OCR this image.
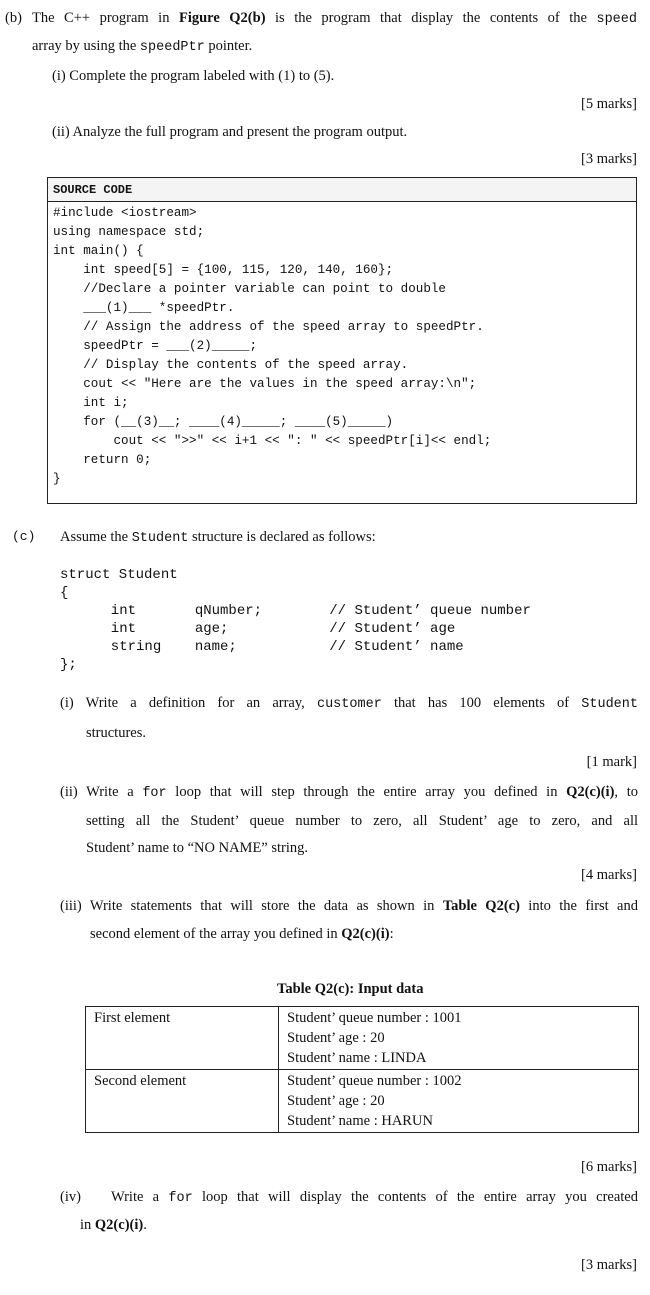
(b) The C++ program in Figure Q2(b) is the program that display the contents of the speed
array by using the speedPtr pointer.
(i) Complete the program labeled with (1) to (5).
[5 marks]
(ii) Analyze the full program and present the program output.
[3 marks]
SOURCE CODE
#include <iostream>
using namespace std;
int main() {
int speed[5] = {100, 115, 120, 140, 160};
//Declare a pointer variable can point to double
___(1)___ *speedPtr.
// Assign the address of the speed array to speedPtr.
speedPtr = ___(2)_____;
// Display the contents of the speed array.
cout << "Here are the values in the speed array:\n";
int i;
for (__(3)__; ____(4)_____; ____(5)_____)
cout << ">>" << i+1 << ": " << speedPtr[i]<< endl;
return 0;
}
(c) Assume the Student structure is declared as follows:
struct Student
{
int       qNumber;        // Student’ queue number
int       age;            // Student’ age
string    name;           // Student’ name
};
(i) Write a definition for an array, customer that has 100 elements of Student
structures.
[1 mark]
(ii) Write a for loop that will step through the entire array you defined in Q2(c)(i), to
setting all the Student’ queue number to zero, all Student’ age to zero, and all
Student’ name to “NO NAME” string.
[4 marks]
(iii) Write statements that will store the data as shown in Table Q2(c) into the first and
second element of the array you defined in Q2(c)(i):
Table Q2(c): Input data
First element	Student’ queue number : 1001
Student’ age : 20
Student’ name : LINDA

Second element	Student’ queue number : 1002
Student’ age : 20
Student’ name : HARUN
[6 marks]
(iv) Write a for loop that will display the contents of the entire array you created
in Q2(c)(i).
[3 marks]
